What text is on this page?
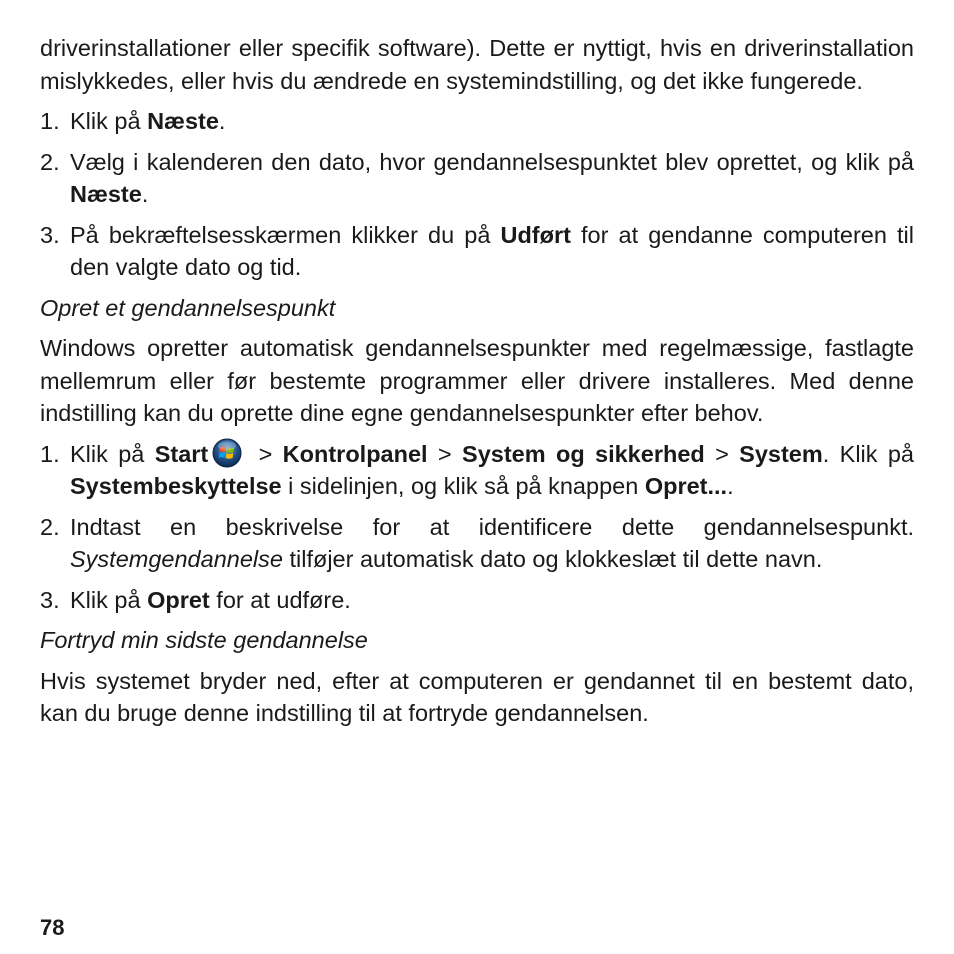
driverinstallationer eller specifik software). Dette er nyttigt, hvis en driverinstallation mislykkedes, eller hvis du ændrede en systemindstilling, og det ikke fungerede.

1. Klik på Næste.
2. Vælg i kalenderen den dato, hvor gendannelsespunktet blev oprettet, og klik på Næste.
3. På bekræftelsesskærmen klikker du på Udført for at gendanne computeren til den valgte dato og tid.

Opret et gendannelsespunkt

Windows opretter automatisk gendannelsespunkter med regelmæssige, fastlagte mellemrum eller før bestemte programmer eller drivere installeres. Med denne indstilling kan du oprette dine egne gendannelsespunkter efter behov.

1. Klik på Start > Kontrolpanel > System og sikkerhed > System. Klik på Systembeskyttelse i sidelinjen, og klik så på knappen Opret....
2. Indtast en beskrivelse for at identificere dette gendannelsespunkt. Systemgendannelse tilføjer automatisk dato og klokkeslæt til dette navn.
3. Klik på Opret for at udføre.

Fortryd min sidste gendannelse

Hvis systemet bryder ned, efter at computeren er gendannet til en bestemt dato, kan du bruge denne indstilling til at fortryde gendannelsen.

78
